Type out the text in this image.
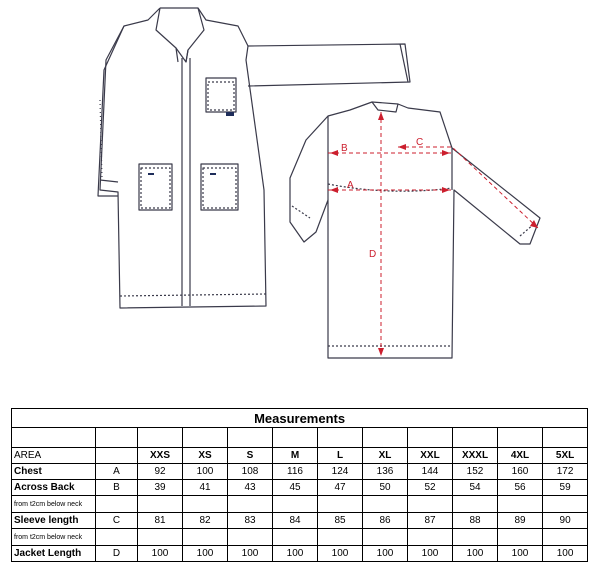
A
B
C
D
Measurements											

AREA		XXS	XS	S	M	L	XL	XXL	XXXL	4XL	5XL
Chest	A	92	100	108	116	124	136	144	152	160	172
Across Back	B	39	41	43	45	47	50	52	54	56	59
from t2cm below neck											
Sleeve length	C	81	82	83	84	85	86	87	88	89	90
from t2cm below neck											
Jacket Length	D	100	100	100	100	100	100	100	100	100	100
